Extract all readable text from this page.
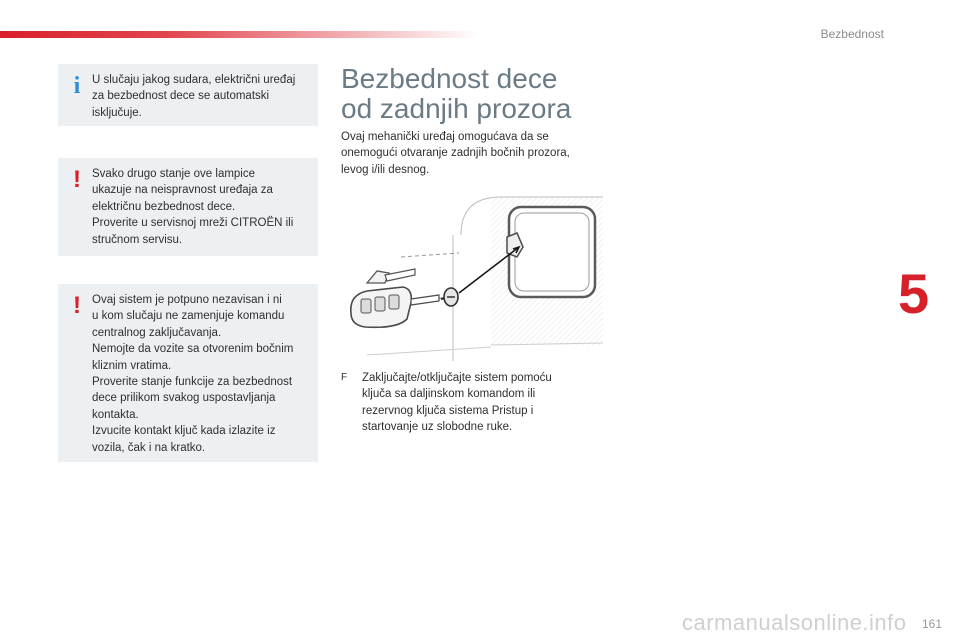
Bezbednost
5
i	U slučaju jakog sudara, električni uređaj
za bezbednost dece se automatski
isključuje.
! Svako drugo stanje ove lampice
ukazuje na neispravnost uređaja za
električnu bezbednost dece.
Proverite u servisnoj mreži CITROËN ili
stručnom servisu.
! Ovaj sistem je potpuno nezavisan i ni
u kom slučaju ne zamenjuje komandu
centralnog zaključavanja.
Nemojte da vozite sa otvorenim bočnim
kliznim vratima.
Proverite stanje funkcije za bezbednost
dece prilikom svakog uspostavljanja
kontakta.
Izvucite kontakt ključ kada izlazite iz
vozila, čak i na kratko.
Bezbednost dece
od zadnjih prozora
Ovaj mehanički uređaj omogućava da se
onemogući otvaranje zadnjih bočnih prozora,
levog i/ili desnog.
F Zaključajte/otključajte sistem pomoću
ključa sa daljinskom komandom ili
rezervnog ključa sistema Pristup i
startovanje uz slobodne ruke.
carmanualsonline.info 161
